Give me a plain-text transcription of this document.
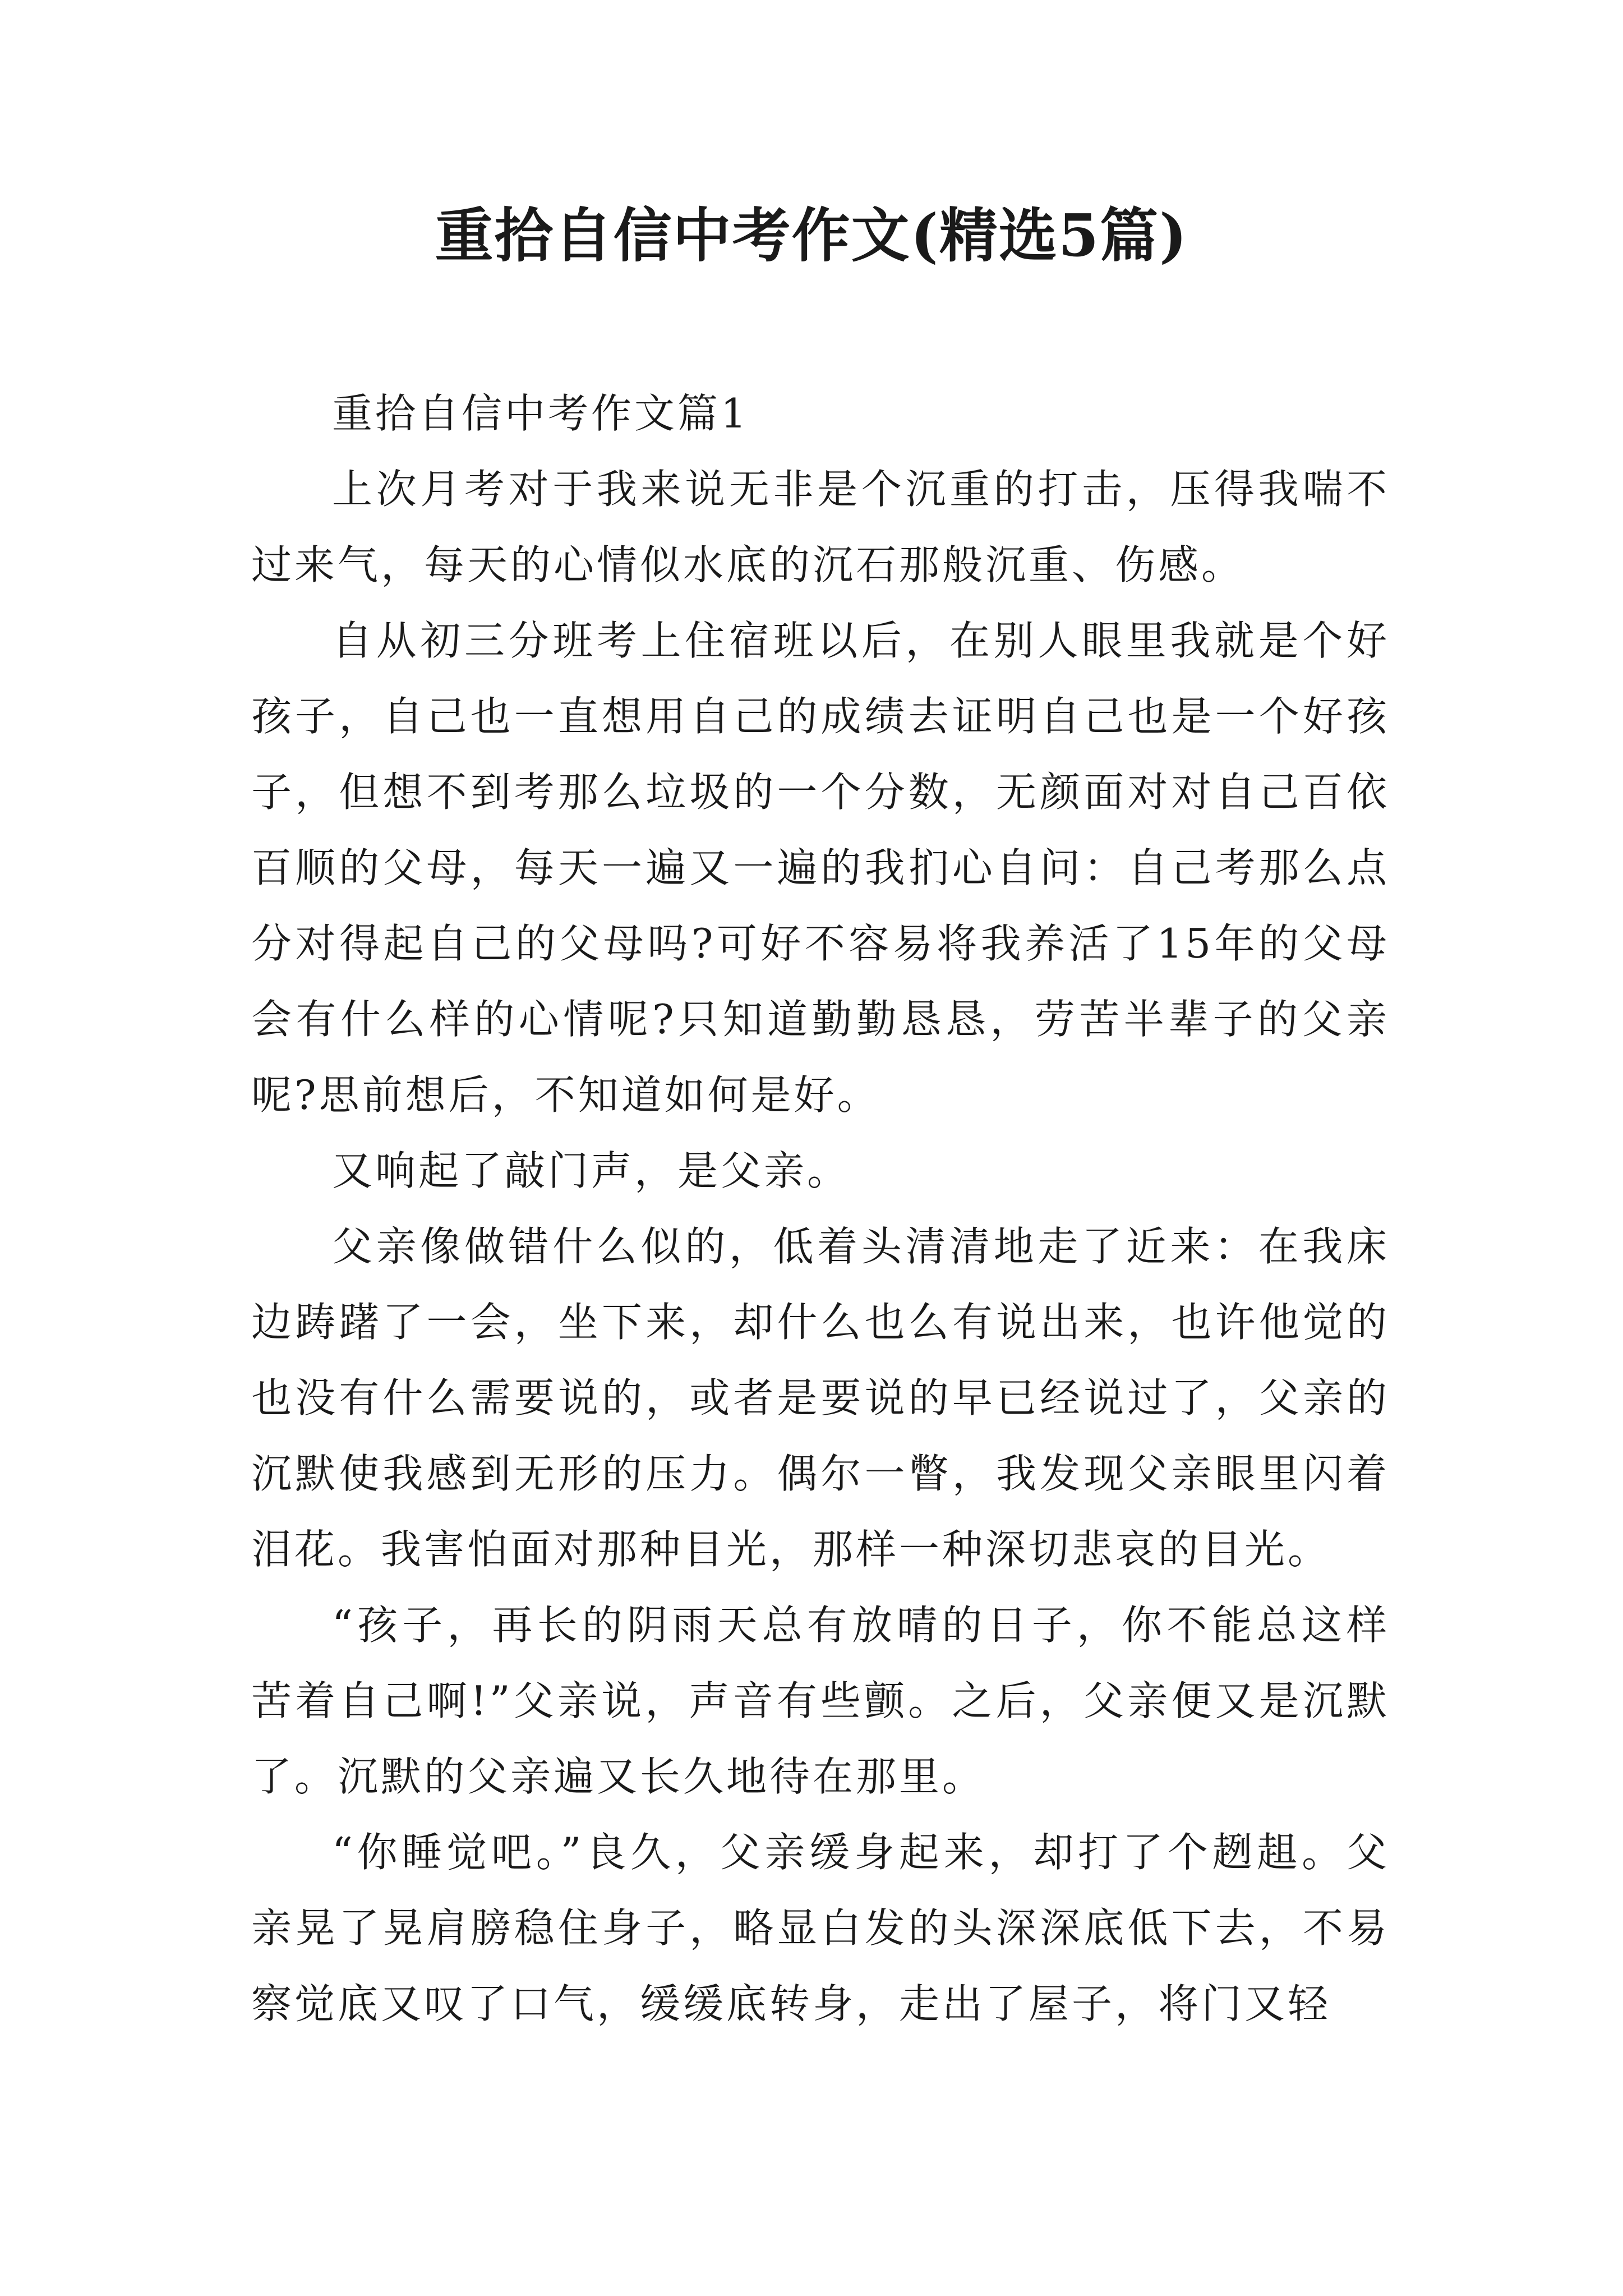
重拾自信中考作文(精选5篇)

重拾自信中考作文篇1

上次月考对于我来说无非是个沉重的打击，压得我喘不过来气，每天的心情似水底的沉石那般沉重、伤感。

自从初三分班考上住宿班以后，在别人眼里我就是个好孩子，自己也一直想用自己的成绩去证明自己也是一个好孩子，但想不到考那么垃圾的一个分数，无颜面对对自己百依百顺的父母，每天一遍又一遍的我扪心自问：自己考那么点分对得起自己的父母吗?可好不容易将我养活了15年的父母会有什么样的心情呢?只知道勤勤恳恳，劳苦半辈子的父亲呢?思前想后，不知道如何是好。

又响起了敲门声，是父亲。

父亲像做错什么似的，低着头清清地走了近来：在我床边踌躇了一会，坐下来，却什么也么有说出来，也许他觉的也没有什么需要说的，或者是要说的早已经说过了，父亲的沉默使我感到无形的压力。偶尔一瞥，我发现父亲眼里闪着泪花。我害怕面对那种目光，那样一种深切悲哀的目光。

“孩子，再长的阴雨天总有放晴的日子，你不能总这样苦着自己啊!”父亲说，声音有些颤。之后，父亲便又是沉默了。沉默的父亲遍又长久地待在那里。

“你睡觉吧。”良久，父亲缓身起来，却打了个趔趄。父亲晃了晃肩膀稳住身子，略显白发的头深深底低下去，不易察觉底又叹了口气，缓缓底转身，走出了屋子，将门又轻
